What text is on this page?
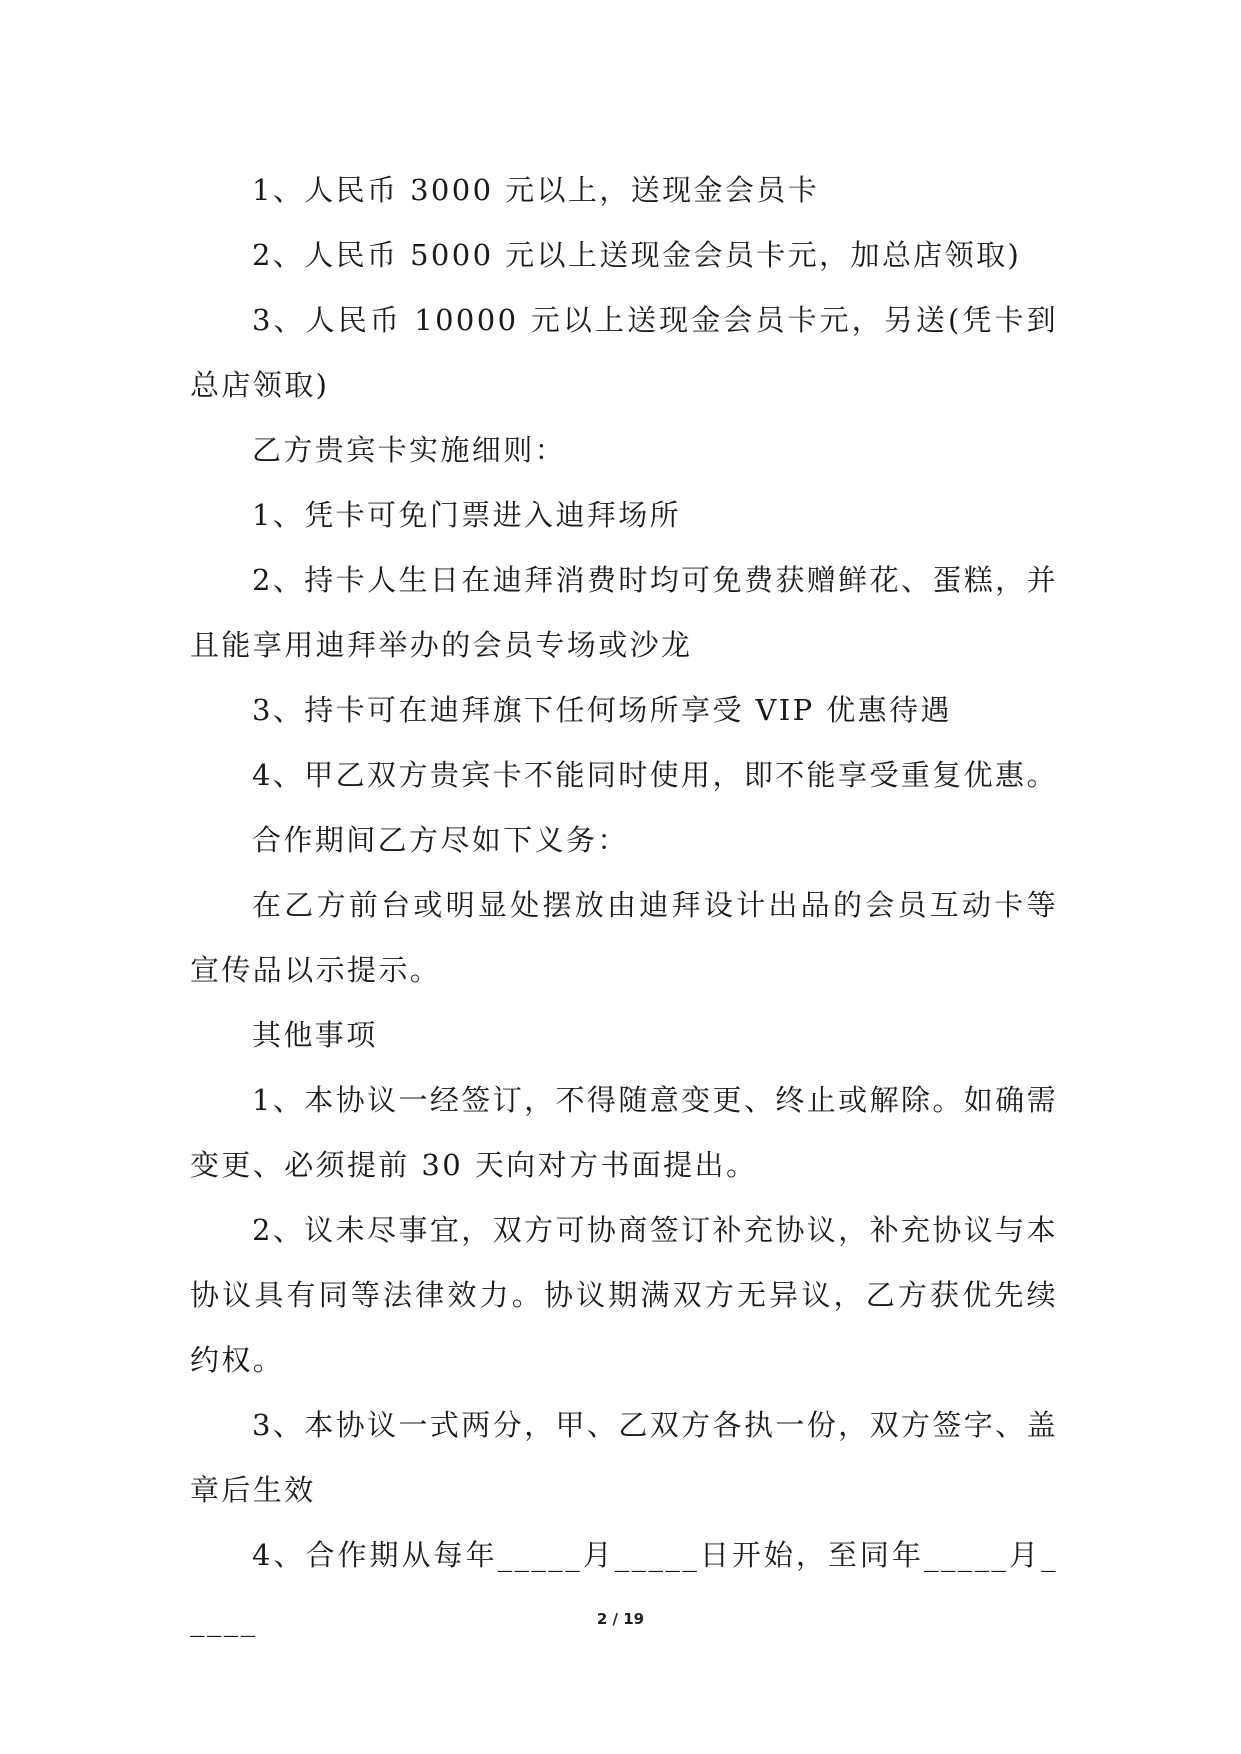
1、人民币 3000 元以上，送现金会员卡

2、人民币 5000 元以上送现金会员卡元，加总店领取)

3、人民币 10000 元以上送现金会员卡元，另送(凭卡到总店领取)

乙方贵宾卡实施细则：

1、凭卡可免门票进入迪拜场所

2、持卡人生日在迪拜消费时均可免费获赠鲜花、蛋糕，并且能享用迪拜举办的会员专场或沙龙

3、持卡可在迪拜旗下任何场所享受 VIP 优惠待遇

4、甲乙双方贵宾卡不能同时使用，即不能享受重复优惠。

合作期间乙方尽如下义务：

在乙方前台或明显处摆放由迪拜设计出品的会员互动卡等宣传品以示提示。

其他事项

1、本协议一经签订，不得随意变更、终止或解除。如确需变更、必须提前 30 天向对方书面提出。

2、议未尽事宜，双方可协商签订补充协议，补充协议与本协议具有同等法律效力。协议期满双方无异议，乙方获优先续约权。

3、本协议一式两分，甲、乙双方各执一份，双方签字、盖章后生效

4、合作期从每年_____月_____日开始，至同年_____月_____	2 / 19
